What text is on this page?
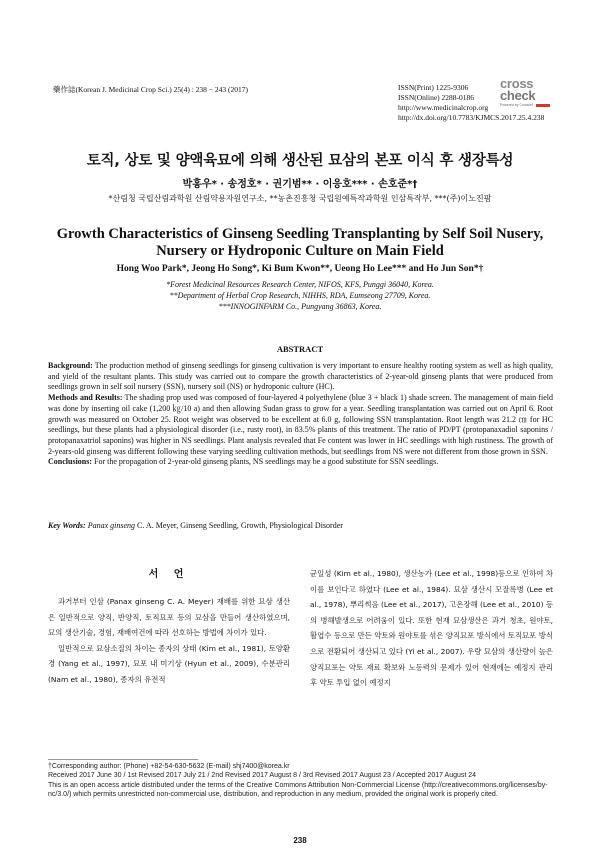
藥作誌(Korean J. Medicinal Crop Sci.) 25(4) : 238 − 243 (2017)	ISSN(Print) 1225-9306
ISSN(Online) 2288-0186
http://www.medicinalcrop.org
http://dx.doi.org/10.7783/KJMCS.2017.25.4.238
cross
check
Powered by Crossref
토직, 상토 및 양액육묘에 의해 생산된 묘삼의 본포 이식 후 생장특성
박홍우* · 송정호* · 권기범** · 이응호*** · 손호준*†
*산림청 국립산림과학원 산림약용자원연구소, **농촌진흥청 국립원예특작과학원 인삼특작부, ***(주)이노진팜
Growth Characteristics of Ginseng Seedling Transplanting by Self Soil Nusery,
Nursery or Hydroponic Culture on Main Field
Hong Woo Park*, Jeong Ho Song*, Ki Bum Kwon**, Ueong Ho Lee*** and Ho Jun Son*†
*Forest Medicinal Resources Research Center, NIFOS, KFS, Punggi 36040, Korea.
**Department of Herbal Crop Research, NIHHS, RDA, Eumseong 27709, Korea.
***INNOGINFARM Co., Pungyang 36863, Korea.
ABSTRACT

Background: The production method of ginseng seedlings for ginseng cultivation is very important to ensure healthy rooting system as well as high quality, and yield of the resultant plants. This study was carried out to compare the growth characteristics of 2-year-old ginseng plants that were produced from seedlings grown in self soil nursery (SSN), nursery soil (NS) or hydroponic culture (HC).

Methods and Results: The shading prop used was composed of four-layered 4 polyethylene (blue 3 + black 1) shade screen. The management of main field was done by inserting oil cake (1,200 ㎏/10 a) and then allowing Sudan grass to grow for a year. Seedling transplantation was carried out on April 6. Root growth was measured on October 25. Root weight was observed to be excellent at 6.0 g, following SSN transplantation. Root length was 21.2 ㎝ for HC seedlings, but these plants had a physiological disorder (i.e., rusty root), in 83.5% plants of this treatment. The ratio of PD/PT (protopanaxadiol saponins / protopanaxatriol saponins) was higher in NS seedlings. Plant analysis revealed that Fe content was lower in HC seedlings with high rustiness. The growth of 2-years-old ginseng was different following these varying seedling cultivation methods, but seedlings from NS were not different from those grown in SSN.

Conclusions: For the propagation of 2-year-old ginseng plants, NS seedlings may be a good substitute for SSN seedlings.

Key Words: Panax ginseng C. A. Meyer, Ginseng Seedling, Growth, Physiological Disorder
서 언

과거부터 인삼 (Panax ginseng C. A. Meyer) 재배를 위한 묘삼 생산은 일반적으로 양직, 반양직, 토직묘포 등의 묘삼을 만들어 생산하였으며, 묘의 생산기술, 경험, 재배여건에 따라 선호하는 방법에 차이가 있다.

일반적으로 묘삼소질의 차이는 종자의 상태 (Kim et al., 1981), 토양환경 (Yang et al., 1997), 묘포 내 미기상 (Hyun et al., 2009), 수분관리 (Nam et al., 1980), 종자의 유전적

균일성 (Kim et al., 1980), 생산농가 (Lee et al., 1998)등으로 인하여 차이를 보인다고 하였다 (Lee et al., 1984). 묘삼 생산시 모잘록병 (Lee et al., 1978), 뿌리썩음 (Lee et al., 2017), 고온장해 (Lee et al., 2010) 등의 병해발생으로 어려움이 있다. 또한 현재 묘삼생산은 과거 청초, 원야토, 활엽수 등으로 만든 약토와 원야토를 섞은 양직묘포 방식에서 토직묘포 방식으로 전환되어 생산되고 있다 (Yi et al., 2007). 우량 묘삼의 생산량이 높은 양직묘포는 약토 재료 확보와 노동력의 문제가 있어 현재에는 예정지 관리 후 약토 투입 없이 예정지

†Corresponding author: (Phone) +82-54-630-5632 (E-mail) shj7400@korea.kr
Received 2017 June 30 / 1st Revised 2017 July 21 / 2nd Revised 2017 August 8 / 3rd Revised 2017 August 23 / Accepted 2017 August 24
This is an open access article distributed under the terms of the Creative Commons Attribution Non-Commercial License (http://creativecommons.org/licenses/by-nc/3.0/) which permits unrestricted non-commercial use, distribution, and reproduction in any medium, provided the original work is properly cited.
238
